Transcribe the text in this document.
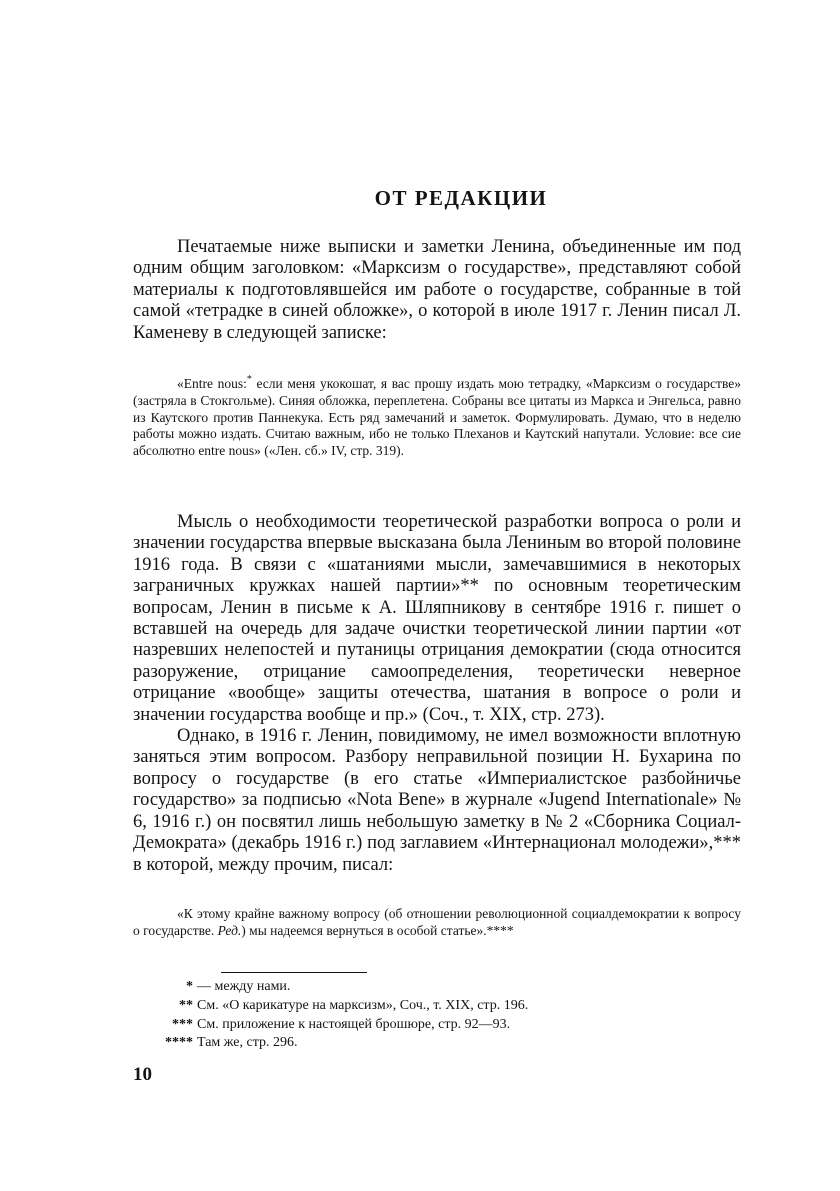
ОТ РЕДАКЦИИ

Печатаемые ниже выписки и заметки Ленина, объединенные им под одним общим заголовком: «Марксизм о государстве», представляют собой материалы к подготовлявшейся им работе о государстве, собранные в той самой «тетрадке в синей обложке», о которой в июле 1917 г. Ленин писал Л. Каменеву в следующей записке:

«Entre nous:* если меня укокошат, я вас прошу издать мою тетрадку, «Марксизм о государстве» (застряла в Стокгольме). Синяя обложка, переплетена. Собраны все цитаты из Маркса и Энгельса, равно из Каутского против Паннекука. Есть ряд замечаний и заметок. Формулировать. Думаю, что в неделю работы можно издать. Считаю важным, ибо не только Плеханов и Каутский напутали. Условие: все сие абсолютно entre nous» («Лен. сб.» IV, стр. 319).

Мысль о необходимости теоретической разработки вопроса о роли и значении государства впервые высказана была Лениным во второй половине 1916 года. В связи с «шатаниями мысли, замечавшимися в некоторых заграничных кружках нашей партии»** по основным теоретическим вопросам, Ленин в письме к А. Шляпникову в сентябре 1916 г. пишет о вставшей на очередь для задаче очистки теоретической линии партии «от назревших нелепостей и путаницы отрицания демократии (сюда относится разоружение, отрицание самоопределения, теоретически неверное отрицание «вообще» защиты отечества, шатания в вопросе о роли и значении государства вообще и пр.» (Соч., т. XIX, стр. 273).

Однако, в 1916 г. Ленин, повидимому, не имел возможности вплотную заняться этим вопросом. Разбору неправильной позиции Н. Бухарина по вопросу о государстве (в его статье «Империалистское разбойничье государство» за подписью «Nota Bene» в журнале «Jugend Internationale» № 6, 1916 г.) он посвятил лишь небольшую заметку в № 2 «Сборника Социал-Демократа» (декабрь 1916 г.) под заглавием «Интернационал молодежи»,*** в которой, между прочим, писал:

«К этому крайне важному вопросу (об отношении революционной социалдемократии к вопросу о государстве. Ред.) мы надеемся вернуться в особой статье».****

* — между нами.
** См. «О карикатуре на марксизм», Соч., т. XIX, стр. 196.
*** См. приложение к настоящей брошюре, стр. 92—93.
**** Там же, стр. 296.
10
